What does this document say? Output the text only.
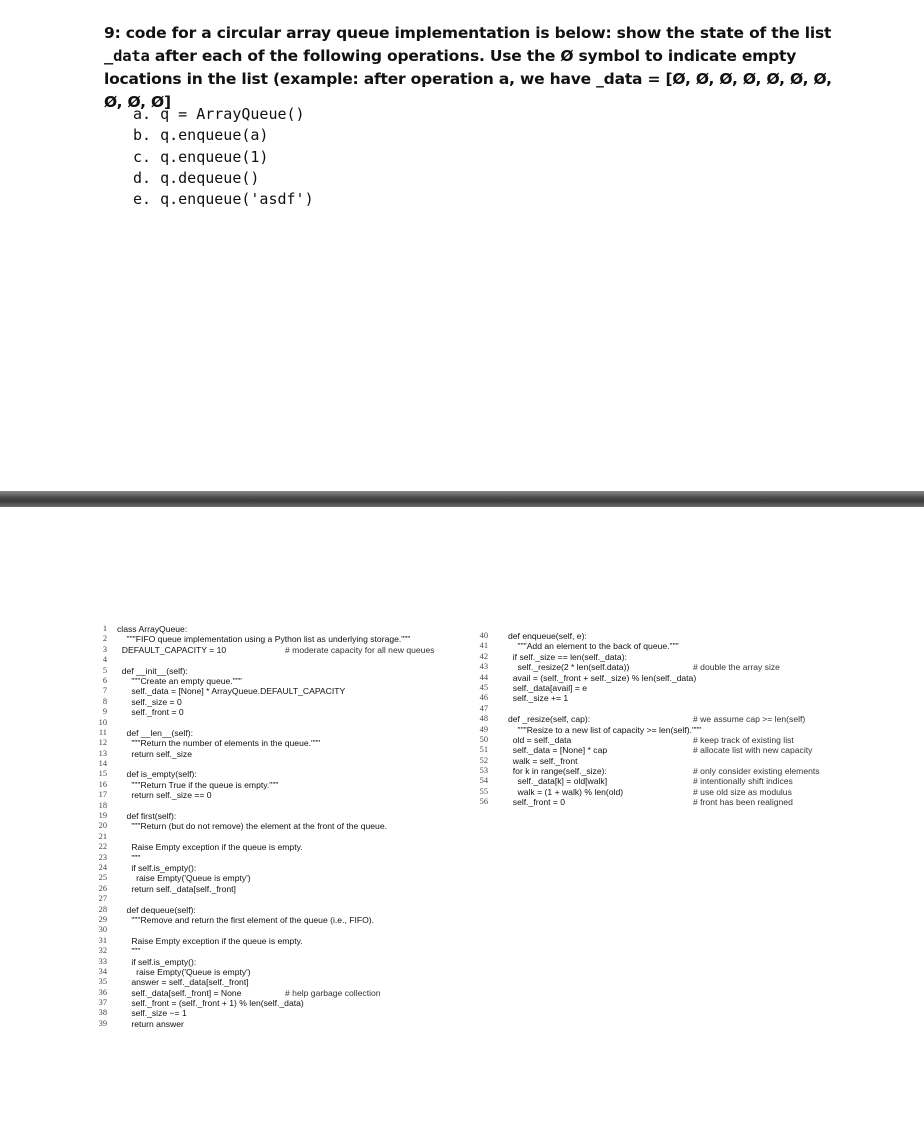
9: code for a circular array queue implementation is below: show the state of the list _data after each of the following operations. Use the Ø symbol to indicate empty locations in the list (example: after operation a, we have _data = [Ø, Ø, Ø, Ø, Ø, Ø, Ø, Ø, Ø, Ø]
a. q = ArrayQueue()
b. q.enqueue(a)
c. q.enqueue(1)
d. q.dequeue()
e. q.enqueue('asdf')
1 class ArrayQueue:
2 """FIFO queue implementation using a Python list as underlying storage."""
3 DEFAULT_CAPACITY = 10	# moderate capacity for all new queues
4
5 def __init__(self):
6 """Create an empty queue."""
7 self._data = [None] * ArrayQueue.DEFAULT_CAPACITY
8 self._size = 0
9 self._front = 0
10
11 def __len__(self):
12 """Return the number of elements in the queue."""
13 return self._size
14
15 def is_empty(self):
16 """Return True if the queue is empty."""
17 return self._size == 0
18
19 def first(self):
20 """Return (but do not remove) the element at the front of the queue.
21
22 Raise Empty exception if the queue is empty.
23 """
24 if self.is_empty():
25 raise Empty('Queue is empty')
26 return self._data[self._front]
27
28 def dequeue(self):
29 """Remove and return the first element of the queue (i.e., FIFO).
30
31 Raise Empty exception if the queue is empty.
32 """
33 if self.is_empty():
34 raise Empty('Queue is empty')
35 answer = self._data[self._front]
36 self._data[self._front] = None	# help garbage collection
37 self._front = (self._front + 1) % len(self._data)
38 self._size −= 1
39 return answer
40 def enqueue(self, e):
41 """Add an element to the back of queue."""
42 if self._size == len(self._data):
43 self._resize(2 * len(self.data))	# double the array size
44 avail = (self._front + self._size) % len(self._data)
45 self._data[avail] = e
46 self._size += 1
47
48 def _resize(self, cap):	# we assume cap >= len(self)
49 """Resize to a new list of capacity >= len(self)."""
50 old = self._data	# keep track of existing list
51 self._data = [None] * cap	# allocate list with new capacity
52 walk = self._front
53 for k in range(self._size):	# only consider existing elements
54 self._data[k] = old[walk]	# intentionally shift indices
55 walk = (1 + walk) % len(old)	# use old size as modulus
56 self._front = 0	# front has been realigned
